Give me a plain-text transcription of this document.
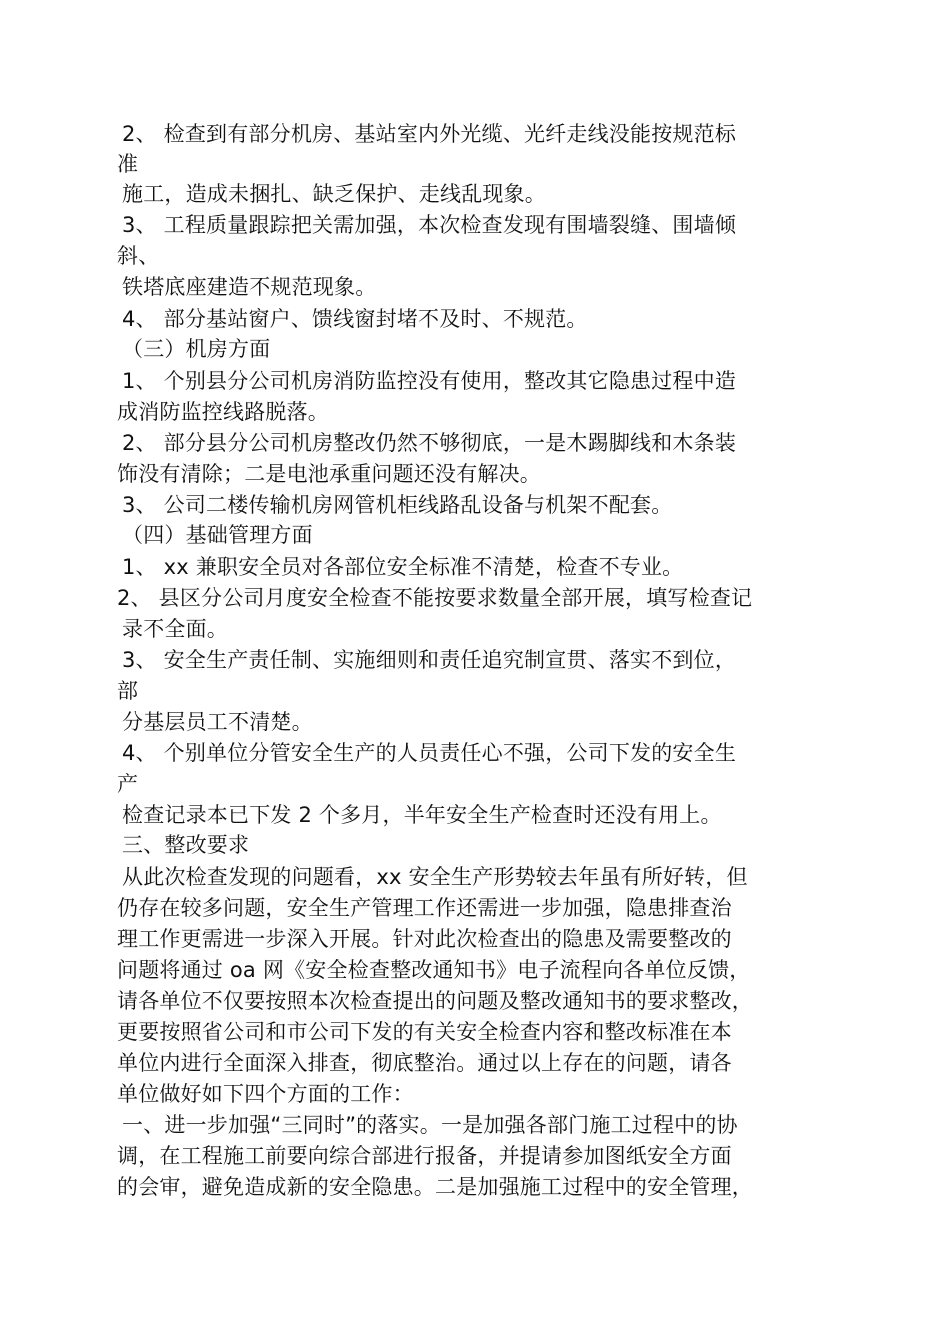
2、 检查到有部分机房、基站室内外光缆、光纤走线没能按规范标
准
施工，造成未捆扎、缺乏保护、走线乱现象。
3、 工程质量跟踪把关需加强，本次检查发现有围墙裂缝、围墙倾
斜、
铁塔底座建造不规范现象。
4、 部分基站窗户、馈线窗封堵不及时、不规范。
（三）机房方面
1、 个别县分公司机房消防监控没有使用，整改其它隐患过程中造
成消防监控线路脱落。
2、 部分县分公司机房整改仍然不够彻底，一是木踢脚线和木条装
饰没有清除；二是电池承重问题还没有解决。
3、 公司二楼传输机房网管机柜线路乱设备与机架不配套。
（四）基础管理方面
1、 xx 兼职安全员对各部位安全标准不清楚，检查不专业。
2、 县区分公司月度安全检查不能按要求数量全部开展，填写检查记
录不全面。
3、 安全生产责任制、实施细则和责任追究制宣贯、落实不到位，
部
分基层员工不清楚。
4、 个别单位分管安全生产的人员责任心不强，公司下发的安全生
产
检查记录本已下发 2 个多月，半年安全生产检查时还没有用上。
三、整改要求
从此次检查发现的问题看，xx 安全生产形势较去年虽有所好转，但
仍存在较多问题，安全生产管理工作还需进一步加强，隐患排查治
理工作更需进一步深入开展。针对此次检查出的隐患及需要整改的
问题将通过 oa 网《安全检查整改通知书》电子流程向各单位反馈，
请各单位不仅要按照本次检查提出的问题及整改通知书的要求整改，
更要按照省公司和市公司下发的有关安全检查内容和整改标准在本
单位内进行全面深入排查，彻底整治。通过以上存在的问题，请各
单位做好如下四个方面的工作：
一、进一步加强“三同时”的落实。一是加强各部门施工过程中的协
调，在工程施工前要向综合部进行报备，并提请参加图纸安全方面
的会审，避免造成新的安全隐患。二是加强施工过程中的安全管理，
